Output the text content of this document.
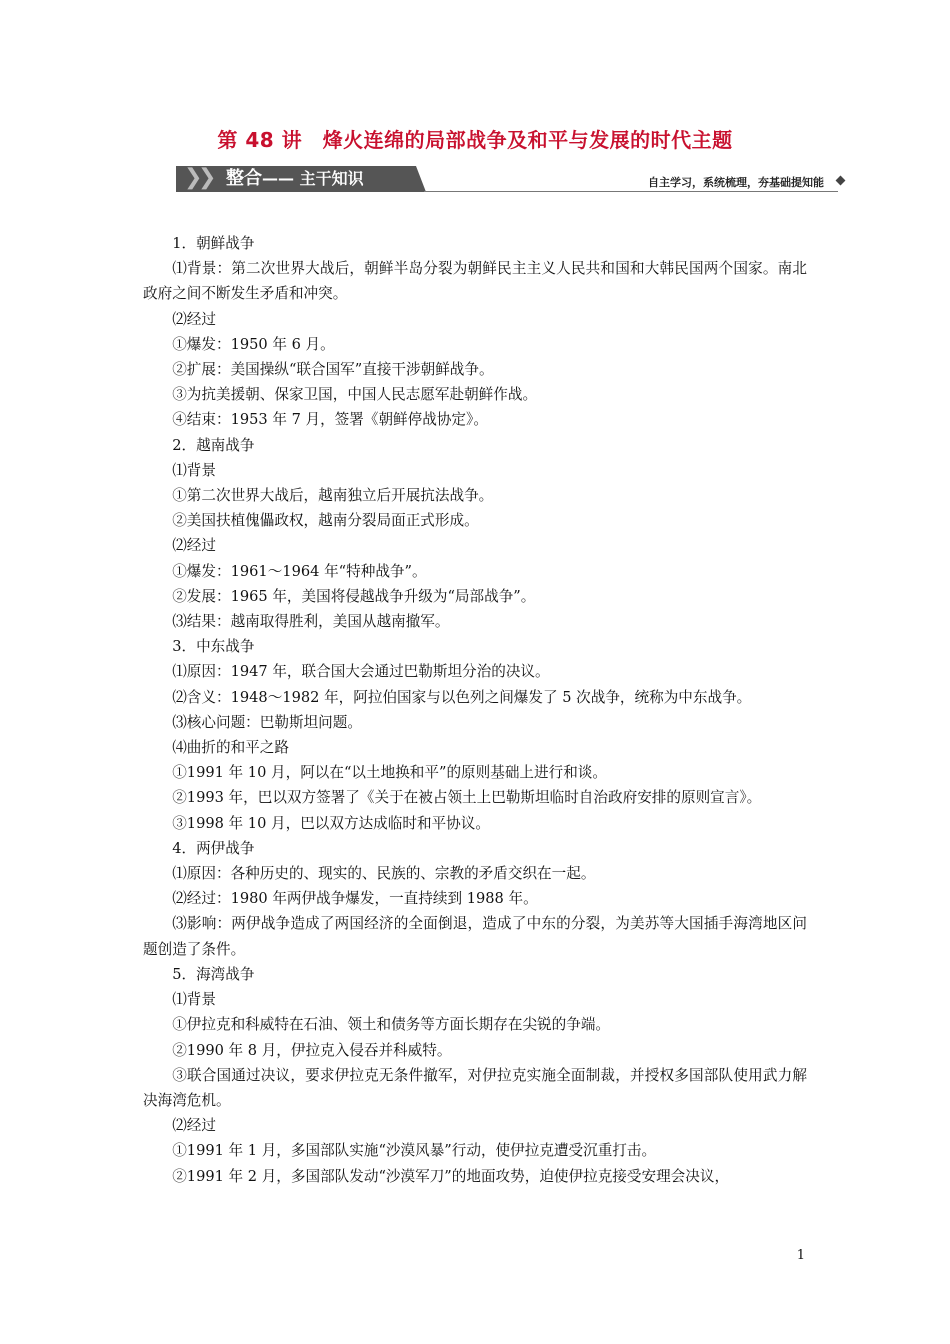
第 48 讲　烽火连绵的局部战争及和平与发展的时代主题
❯
❯ 整合—— 主干知识	自主学习，系统梳理，夯基础提知能

1．朝鲜战争

⑴背景：第二次世界大战后，朝鲜半岛分裂为朝鲜民主主义人民共和国和大韩民国两个国家。南北政府之间不断发生矛盾和冲突。

⑵经过

①爆发：1950 年 6 月。

②扩展：美国操纵“联合国军”直接干涉朝鲜战争。

③为抗美援朝、保家卫国，中国人民志愿军赴朝鲜作战。

④结束：1953 年 7 月，签署《朝鲜停战协定》。

2．越南战争

⑴背景

①第二次世界大战后，越南独立后开展抗法战争。

②美国扶植傀儡政权，越南分裂局面正式形成。

⑵经过

①爆发：1961～1964 年“特种战争”。

②发展：1965 年，美国将侵越战争升级为“局部战争”。

⑶结果：越南取得胜利，美国从越南撤军。

3．中东战争

⑴原因：1947 年，联合国大会通过巴勒斯坦分治的决议。

⑵含义：1948～1982 年，阿拉伯国家与以色列之间爆发了 5 次战争，统称为中东战争。

⑶核心问题：巴勒斯坦问题。

⑷曲折的和平之路

①1991 年 10 月，阿以在“以土地换和平”的原则基础上进行和谈。

②1993 年，巴以双方签署了《关于在被占领土上巴勒斯坦临时自治政府安排的原则宣言》。

③1998 年 10 月，巴以双方达成临时和平协议。

4．两伊战争

⑴原因：各种历史的、现实的、民族的、宗教的矛盾交织在一起。

⑵经过：1980 年两伊战争爆发，一直持续到 1988 年。

⑶影响：两伊战争造成了两国经济的全面倒退，造成了中东的分裂，为美苏等大国插手海湾地区问题创造了条件。

5．海湾战争

⑴背景

①伊拉克和科威特在石油、领土和债务等方面长期存在尖锐的争端。

②1990 年 8 月，伊拉克入侵吞并科威特。

③联合国通过决议，要求伊拉克无条件撤军，对伊拉克实施全面制裁，并授权多国部队使用武力解决海湾危机。

⑵经过

①1991 年 1 月，多国部队实施“沙漠风暴”行动，使伊拉克遭受沉重打击。

②1991 年 2 月，多国部队发动“沙漠军刀”的地面攻势，迫使伊拉克接受安理会决议，

1
